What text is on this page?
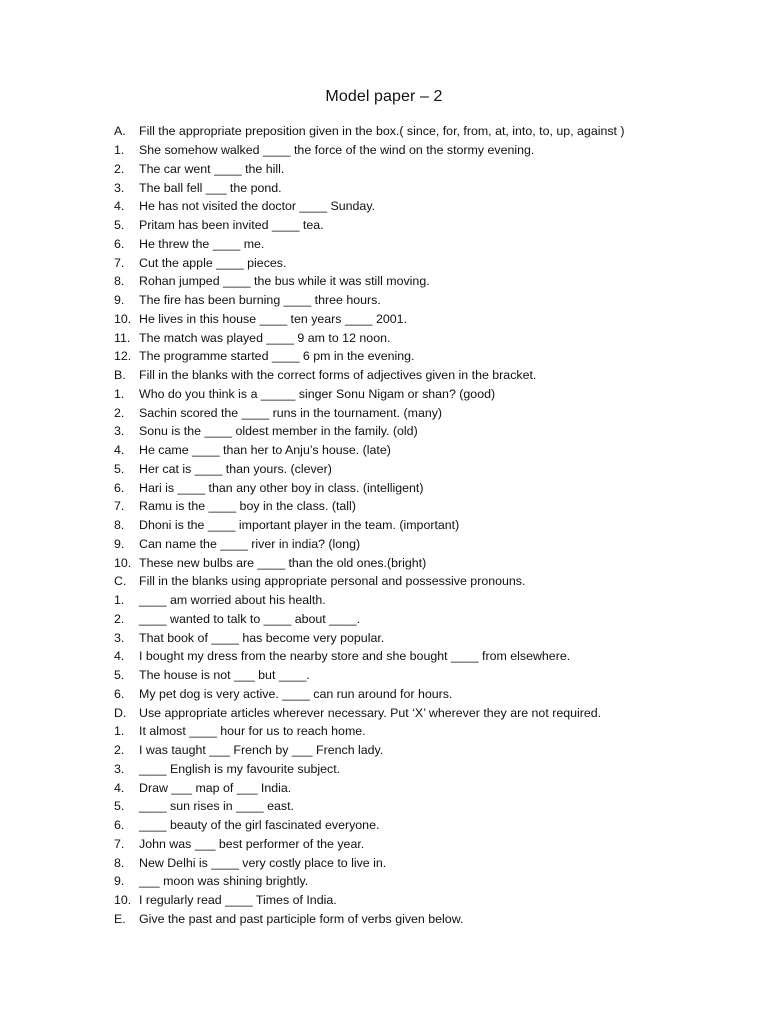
Model paper – 2
A.	Fill the appropriate preposition given in the box.( since, for, from, at, into, to, up, against )
1.	She somehow walked ____ the force of the wind on the stormy evening.
2.	The car went ____ the hill.
3.	The ball fell ___ the pond.
4.	He has not visited the doctor ____ Sunday.
5.	Pritam has been invited ____ tea.
6.	He threw the ____ me.
7.	Cut the apple ____ pieces.
8.	Rohan jumped ____ the bus while it was still moving.
9.	The fire has been burning ____ three hours.
10. He lives in this house ____ ten years ____ 2001.
11. The match was played ____ 9 am to 12 noon.
12. The programme started ____ 6 pm in the evening.
B.	Fill in the blanks with the correct forms of adjectives given in the bracket.
1.	Who do you think is a _____ singer Sonu Nigam or shan? (good)
2.	Sachin scored the ____ runs in the tournament. (many)
3.	Sonu is the ____ oldest member in the family. (old)
4.	He came ____ than her to Anju’s house. (late)
5.	Her cat is ____ than yours. (clever)
6.	Hari is ____ than any other boy in class. (intelligent)
7.	Ramu is the ____ boy in the class. (tall)
8.	Dhoni is the ____ important player in the team. (important)
9.	Can name the ____ river in india? (long)
10. These new bulbs are ____ than the old ones.(bright)
C.	Fill in the blanks using appropriate personal and possessive pronouns.
1.	____ am worried about his health.
2.	____ wanted to talk to ____ about ____.
3.	That book of ____ has become very popular.
4.	I bought my dress from the nearby store and she bought ____ from elsewhere.
5.	The house is not ___ but ____.
6.	My pet dog is very active. ____ can run around for hours.
D.	Use appropriate articles wherever necessary. Put ‘X’ wherever they are not required.
1.	It almost ____ hour for us to reach home.
2.	I was taught ___ French by ___ French lady.
3.	____ English is my favourite subject.
4.	Draw ___ map of ___ India.
5.	____ sun rises in ____ east.
6.	____ beauty of the girl fascinated everyone.
7.	John was ___ best performer of the year.
8.	New Delhi is ____ very costly place to live in.
9.	___ moon was shining brightly.
10. I regularly read ____ Times of India.
E.	Give the past and past participle form of verbs given below.
